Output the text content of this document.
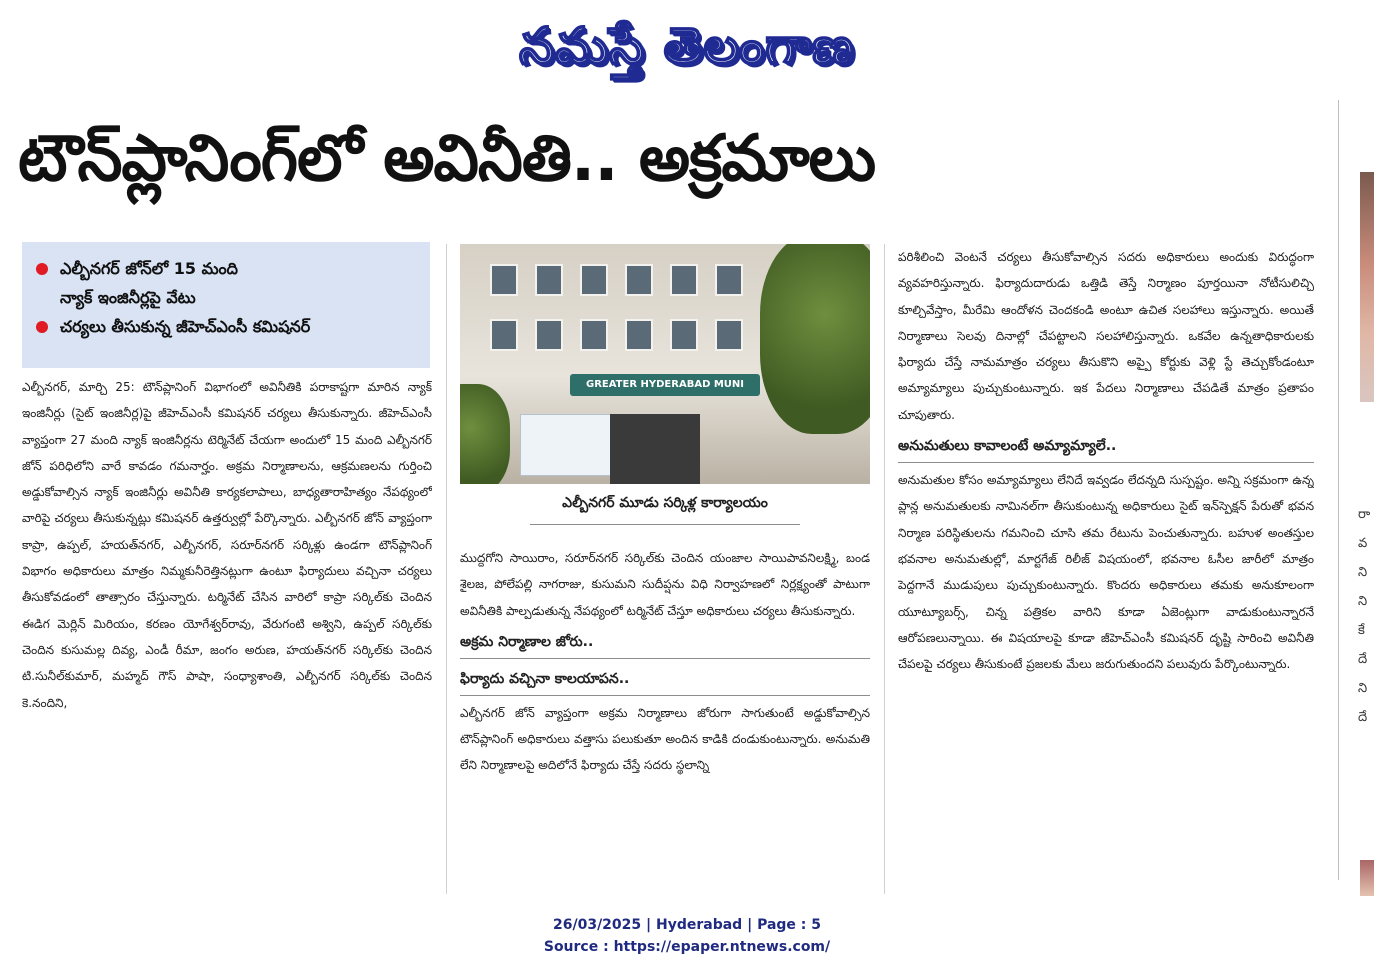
నమస్తే తెలంగాణ
టౌన్‌ప్లానింగ్‌లో అవినీతి.. అక్రమాలు
రా
వ
ని
ని
కే
దే
ని
దే
ఎల్బీనగర్ జోన్‌లో 15 మంది
న్యాక్ ఇంజినీర్లపై వేటు
చర్యలు తీసుకున్న జీహెచ్‌ఎంసీ కమిషనర్

ఎల్బీనగర్, మార్చి 25: టౌన్‌ప్లానింగ్ విభాగంలో అవినీతికి పరాకాష్టగా మారిన న్యాక్ ఇంజినీర్లు (సైట్ ఇంజినీర్ల)పై జీహెచ్‌ఎంసీ కమిషనర్ చర్యలు తీసుకున్నారు. జీహెచ్‌ఎంసీ వ్యాప్తంగా 27 మంది న్యాక్ ఇంజినీర్లను టెర్మినేట్ చేయగా అందులో 15 మంది ఎల్బీనగర్ జోన్ పరిధిలోని వారే కావడం గమనార్హం. అక్రమ నిర్మాణాలను, ఆక్రమణలను గుర్తించి అడ్డుకోవాల్సిన న్యాక్ ఇంజినీర్లు అవినీతి కార్యకలాపాలు, బాధ్యతారాహిత్యం నేపథ్యంలో వారిపై చర్యలు తీసుకున్నట్లు కమిషనర్ ఉత్తర్వుల్లో పేర్కొన్నారు. ఎల్బీనగర్ జోన్ వ్యాప్తంగా కాప్రా, ఉప్పల్, హయత్‌నగర్, ఎల్బీనగర్, సరూర్‌నగర్ సర్కిళ్లు ఉండగా టౌన్‌ప్లానింగ్ విభాగం అధికారులు మాత్రం నిమ్మకునీరెత్తినట్లుగా ఉంటూ ఫిర్యాదులు వచ్చినా చర్యలు తీసుకోవడంలో తాత్సారం చేస్తున్నారు. టర్మినేట్ చేసిన వారిలో కాప్రా సర్కిల్‌కు చెందిన ఈడిగ మెర్లిన్ మిరియం, కరణం యోగేశ్వర్‌రావు, వేరుగంటి అశ్విని, ఉప్పల్ సర్కిల్‌కు చెందిన కుసుమల్ల దివ్య, ఎండీ రీమా, జంగం అరుణ, హయత్‌నగర్ సర్కిల్‌కు చెందిన టి.సునీల్‌కుమార్, మహ్మద్ గౌస్ పాషా, సంధ్యాశాంతి, ఎల్బీనగర్ సర్కిల్‌కు చెందిన కె.నందిని,

GREATER HYDERABAD MUNI
ఎల్బీనగర్ మూడు సర్కిళ్ల కార్యాలయం

ముద్దగోని సాయిరాం, సరూర్‌నగర్ సర్కిల్‌కు చెందిన యంజాల సాయిపావనిలక్ష్మి, బండ శైలజ, పోలేపల్లి నాగరాజు, కుసుమని సుదీప్షను విధి నిర్వాహణలో నిర్లక్ష్యంతో పాటుగా అవినీతికి పాల్పడుతున్న నేపథ్యంలో టర్మినేట్ చేస్తూ అధికారులు చర్యలు తీసుకున్నారు.

అక్రమ నిర్మాణాల జోరు..
ఫిర్యాదు వచ్చినా కాలయాపన..

ఎల్బీనగర్ జోన్ వ్యాప్తంగా అక్రమ నిర్మాణాలు జోరుగా సాగుతుంటే అడ్డుకోవాల్సిన టౌన్‌ప్లానింగ్ అధికారులు వత్తాసు పలుకుతూ అందిన కాడికి దండుకుంటున్నారు. అనుమతి లేని నిర్మాణాలపై అదిలోనే ఫిర్యాదు చేస్తే సదరు స్థలాన్ని

పరిశీలించి వెంటనే చర్యలు తీసుకోవాల్సిన సదరు అధికారులు అందుకు విరుద్ధంగా వ్యవహరిస్తున్నారు. ఫిర్యాదుదారుడు ఒత్తిడి తెస్తే నిర్మాణం పూర్తయినా నోటీసులిచ్చి కూల్చివేస్తాం, మీరేమి ఆందోళన చెందకండి అంటూ ఉచిత సలహాలు ఇస్తున్నారు. అయితే నిర్మాణాలు సెలవు దినాల్లో చేపట్టాలని సలహాలిస్తున్నారు. ఒకవేల ఉన్నతాధికారులకు ఫిర్యాదు చేస్తే నామమాత్రం చర్యలు తీసుకొని అప్పై కోర్టుకు వెళ్లి స్టే తెచ్చుకోండంటూ అమ్యామ్యాలు పుచ్చుకుంటున్నారు. ఇక పేదలు నిర్మాణాలు చేపడితే మాత్రం ప్రతాపం చూపుతారు.

అనుమతులు కావాలంటే అమ్యామ్యాలే..

అనుమతుల కోసం అమ్యామ్యాలు లేనిదే ఇవ్వడం లేదన్నది సుస్పష్టం. అన్ని సక్రమంగా ఉన్న ప్లాన్ల అనుమతులకు నామినల్‌గా తీసుకుంటున్న అధికారులు సైట్ ఇన్‌స్పెక్షన్ పేరుతో భవన నిర్మాణ పరిస్థితులను గమనించి చూసి తమ రేటును పెంచుతున్నారు. బహుళ అంతస్తుల భవనాల అనుమతుల్లో, మార్టగేజ్ రిలీజ్ విషయంలో, భవనాల ఓసీల జారీలో మాత్రం పెద్దగానే ముడుపులు పుచ్చుకుంటున్నారు. కొందరు అధికారులు తమకు అనుకూలంగా యూట్యూబర్స్, చిన్న పత్రికల వారిని కూడా ఏజెంట్లుగా వాడుకుంటున్నారనే ఆరోపణలున్నాయి. ఈ విషయాలపై కూడా జీహెచ్‌ఎంసీ కమిషనర్ దృష్టి సారించి అవినీతి చేపలపై చర్యలు తీసుకుంటే ప్రజలకు మేలు జరుగుతుందని పలువురు పేర్కొంటున్నారు.

26/03/2025 | Hyderabad | Page : 5
Source : https://epaper.ntnews.com/
